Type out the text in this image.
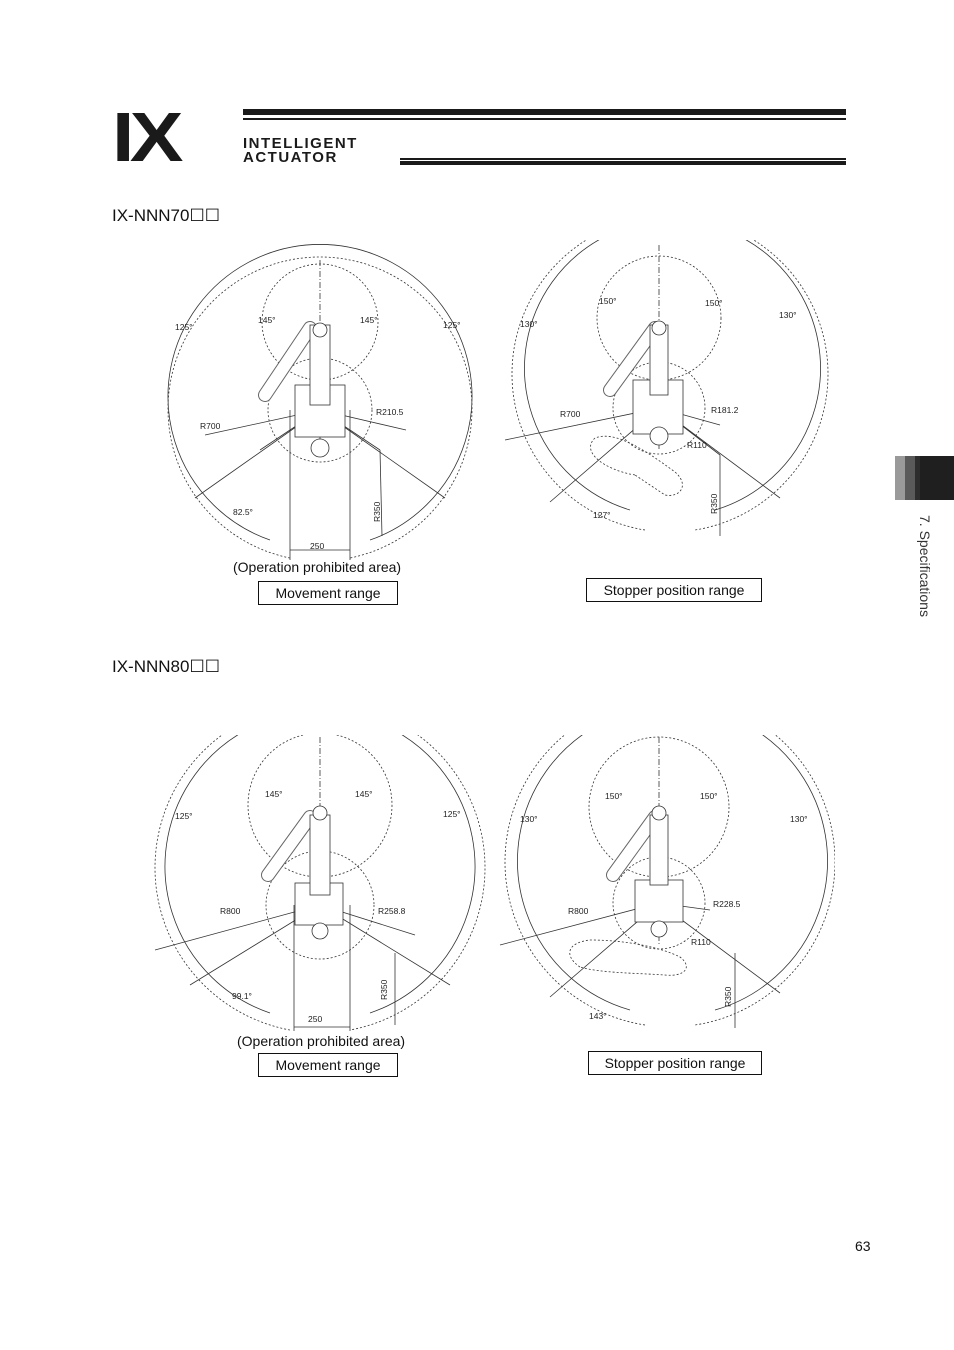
IX	INTELLIGENT
ACTUATOR
7. Specifications
IX-NNN70☐☐
125°
145°	145°	125°
R700
R210.5
82.5°	R350
250
150°	150°
130°
130°
R700	R181.2
R110
127°
R350
(Operation prohibited area)
Movement range	Stopper position range
IX-NNN80☐☐
125°
145°	145°
125°
R800	R258.8
99.1°	R350
250
150°	150°
130°	130°
R800
R228.5
R110
143°
R350
(Operation prohibited area)
Movement range	Stopper position range
63
